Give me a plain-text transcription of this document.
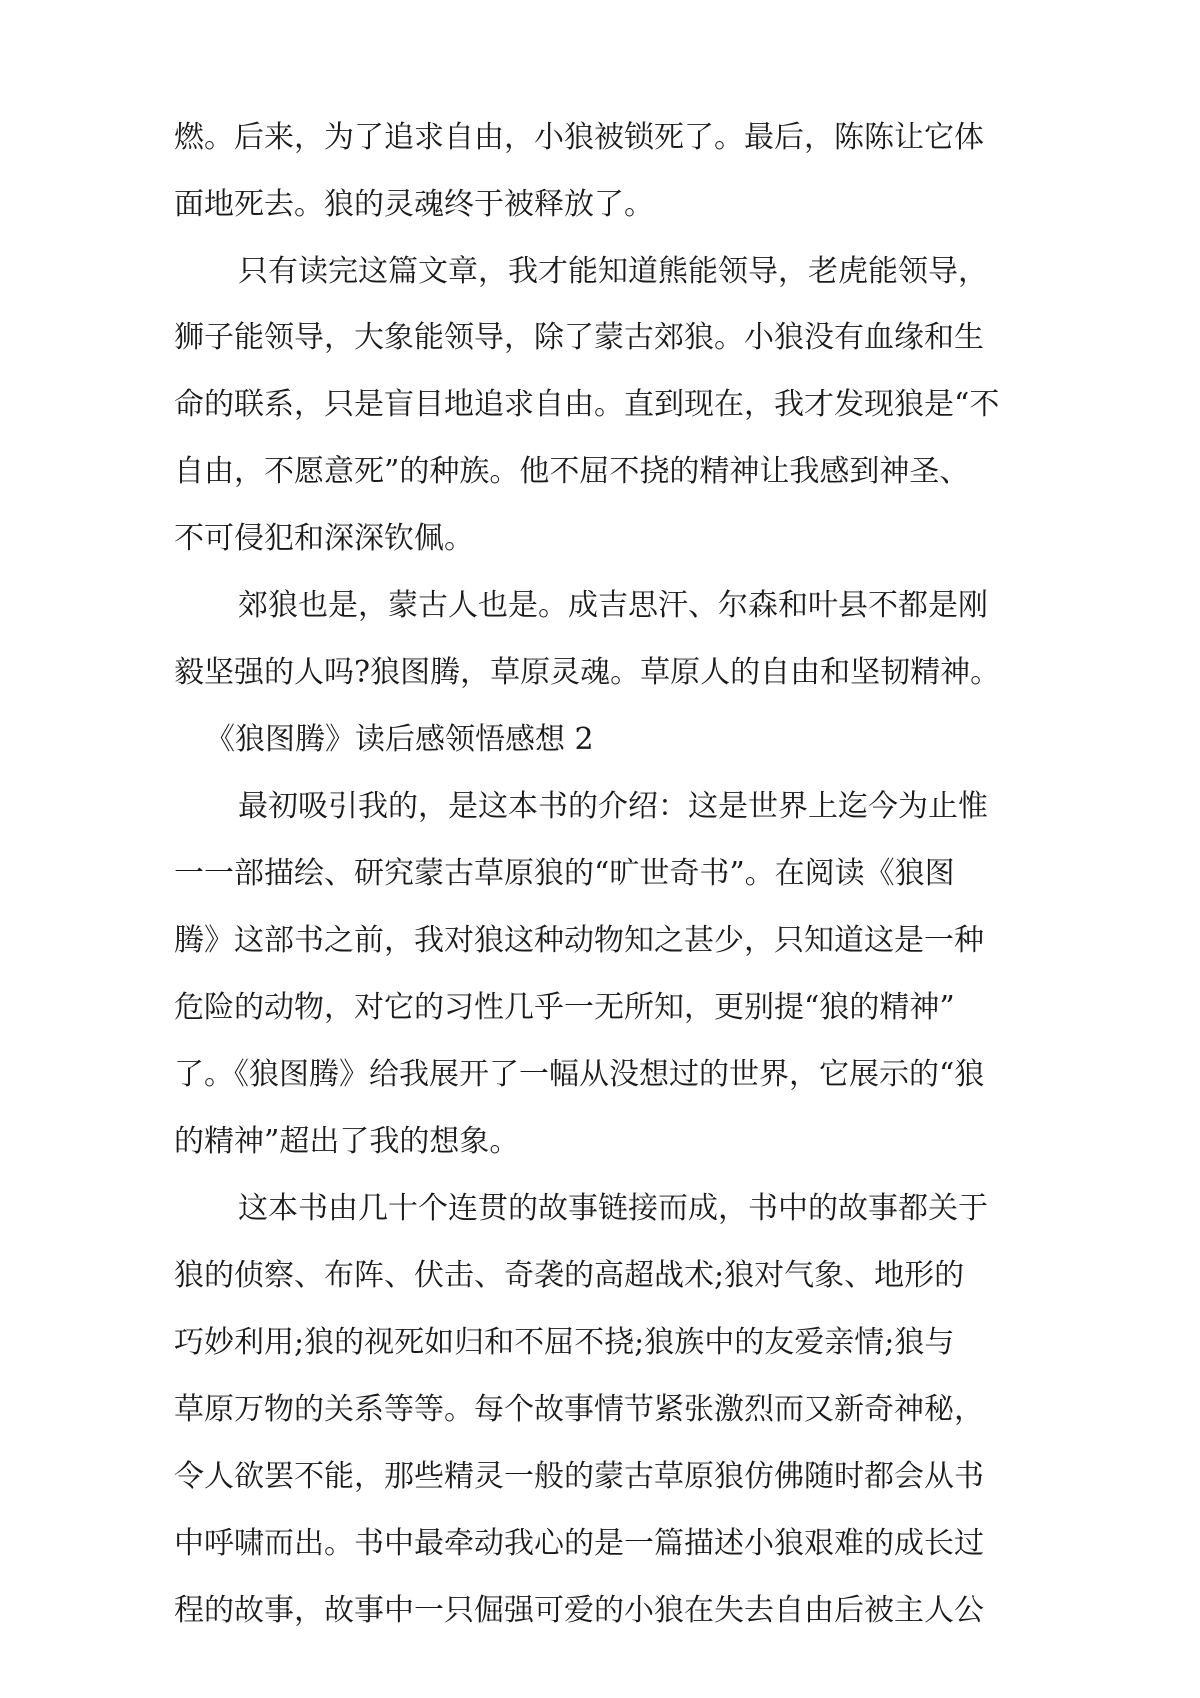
燃。后来，为了追求自由，小狼被锁死了。最后，陈陈让它体
面地死去。狼的灵魂终于被释放了。
只有读完这篇文章，我才能知道熊能领导，老虎能领导，
狮子能领导，大象能领导，除了蒙古郊狼。小狼没有血缘和生
命的联系，只是盲目地追求自由。直到现在，我才发现狼是“不
自由，不愿意死”的种族。他不屈不挠的精神让我感到神圣、
不可侵犯和深深钦佩。
郊狼也是，蒙古人也是。成吉思汗、尔森和叶县不都是刚
毅坚强的人吗?狼图腾，草原灵魂。草原人的自由和坚韧精神。
《狼图腾》读后感领悟感想 2
最初吸引我的，是这本书的介绍：这是世界上迄今为止惟
一一部描绘、研究蒙古草原狼的“旷世奇书”。在阅读《狼图
腾》这部书之前，我对狼这种动物知之甚少，只知道这是一种
危险的动物，对它的习性几乎一无所知，更别提“狼的精神”
了。《狼图腾》给我展开了一幅从没想过的世界，它展示的“狼
的精神”超出了我的想象。
这本书由几十个连贯的故事链接而成，书中的故事都关于
狼的侦察、布阵、伏击、奇袭的高超战术;狼对气象、地形的
巧妙利用;狼的视死如归和不屈不挠;狼族中的友爱亲情;狼与
草原万物的关系等等。每个故事情节紧张激烈而又新奇神秘，
令人欲罢不能，那些精灵一般的蒙古草原狼仿佛随时都会从书
中呼啸而出。书中最牵动我心的是一篇描述小狼艰难的成长过
程的故事，故事中一只倔强可爱的小狼在失去自由后被主人公
